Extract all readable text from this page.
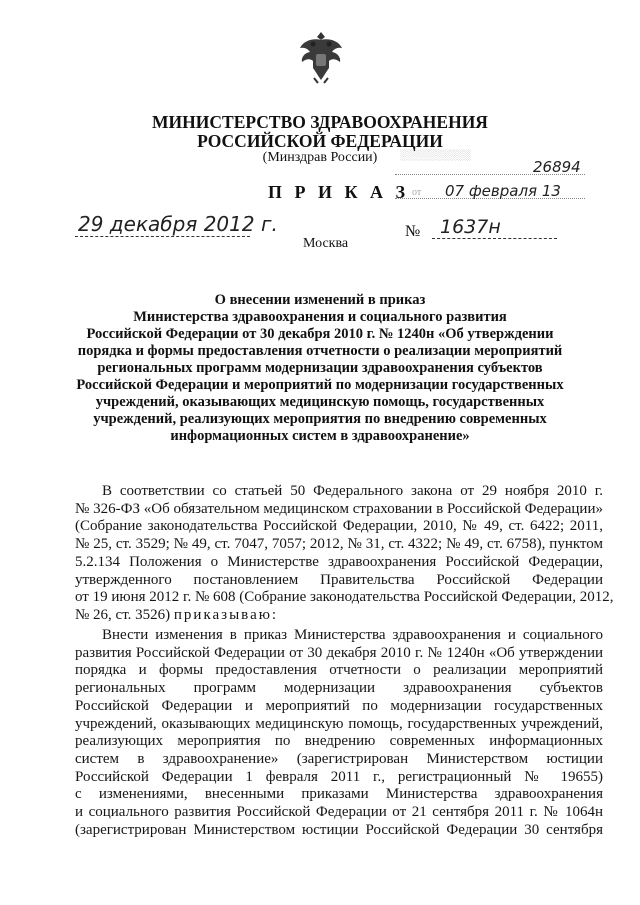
МИНИСТЕРСТВО ЗДРАВООХРАНЕНИЯ
РОССИЙСКОЙ ФЕДЕРАЦИИ
(Минздрав России)
П Р И К А З
░░░░░░░░░░
26894
от 07 февраля 13
29 декабря 2012 г.	№ 1637н
Москва
О внесении изменений в приказ
Министерства здравоохранения и социального развития
Российской Федерации от 30 декабря 2010 г. № 1240н «Об утверждении
порядка и формы предоставления отчетности о реализации мероприятий
региональных программ модернизации здравоохранения субъектов
Российской Федерации и мероприятий по модернизации государственных
учреждений, оказывающих медицинскую помощь, государственных
учреждений, реализующих мероприятия по внедрению современных
информационных систем в здравоохранение»
В соответствии со статьей 50 Федерального закона от 29 ноября 2010 г.
№ 326-ФЗ «Об обязательном медицинском страховании в Российской Федерации»
(Собрание законодательства Российской Федерации, 2010, № 49, ст. 6422; 2011,
№ 25, ст. 3529; № 49, ст. 7047, 7057; 2012, № 31, ст. 4322; № 49, ст. 6758), пунктом
5.2.134 Положения о Министерстве здравоохранения Российской Федерации,
утвержденного постановлением Правительства Российской Федерации
от 19 июня 2012 г. № 608 (Собрание законодательства Российской Федерации, 2012,
№ 26, ст. 3526) приказываю:
Внести изменения в приказ Министерства здравоохранения и социального
развития Российской Федерации от 30 декабря 2010 г. № 1240н «Об утверждении
порядка и формы предоставления отчетности о реализации мероприятий
региональных программ модернизации здравоохранения субъектов
Российской Федерации и мероприятий по модернизации государственных
учреждений, оказывающих медицинскую помощь, государственных учреждений,
реализующих мероприятия по внедрению современных информационных
систем в здравоохранение» (зарегистрирован Министерством юстиции
Российской Федерации 1 февраля 2011 г., регистрационный № 19655)
с изменениями, внесенными приказами Министерства здравоохранения
и социального развития Российской Федерации от 21 сентября 2011 г. № 1064н
(зарегистрирован Министерством юстиции Российской Федерации 30 сентября
